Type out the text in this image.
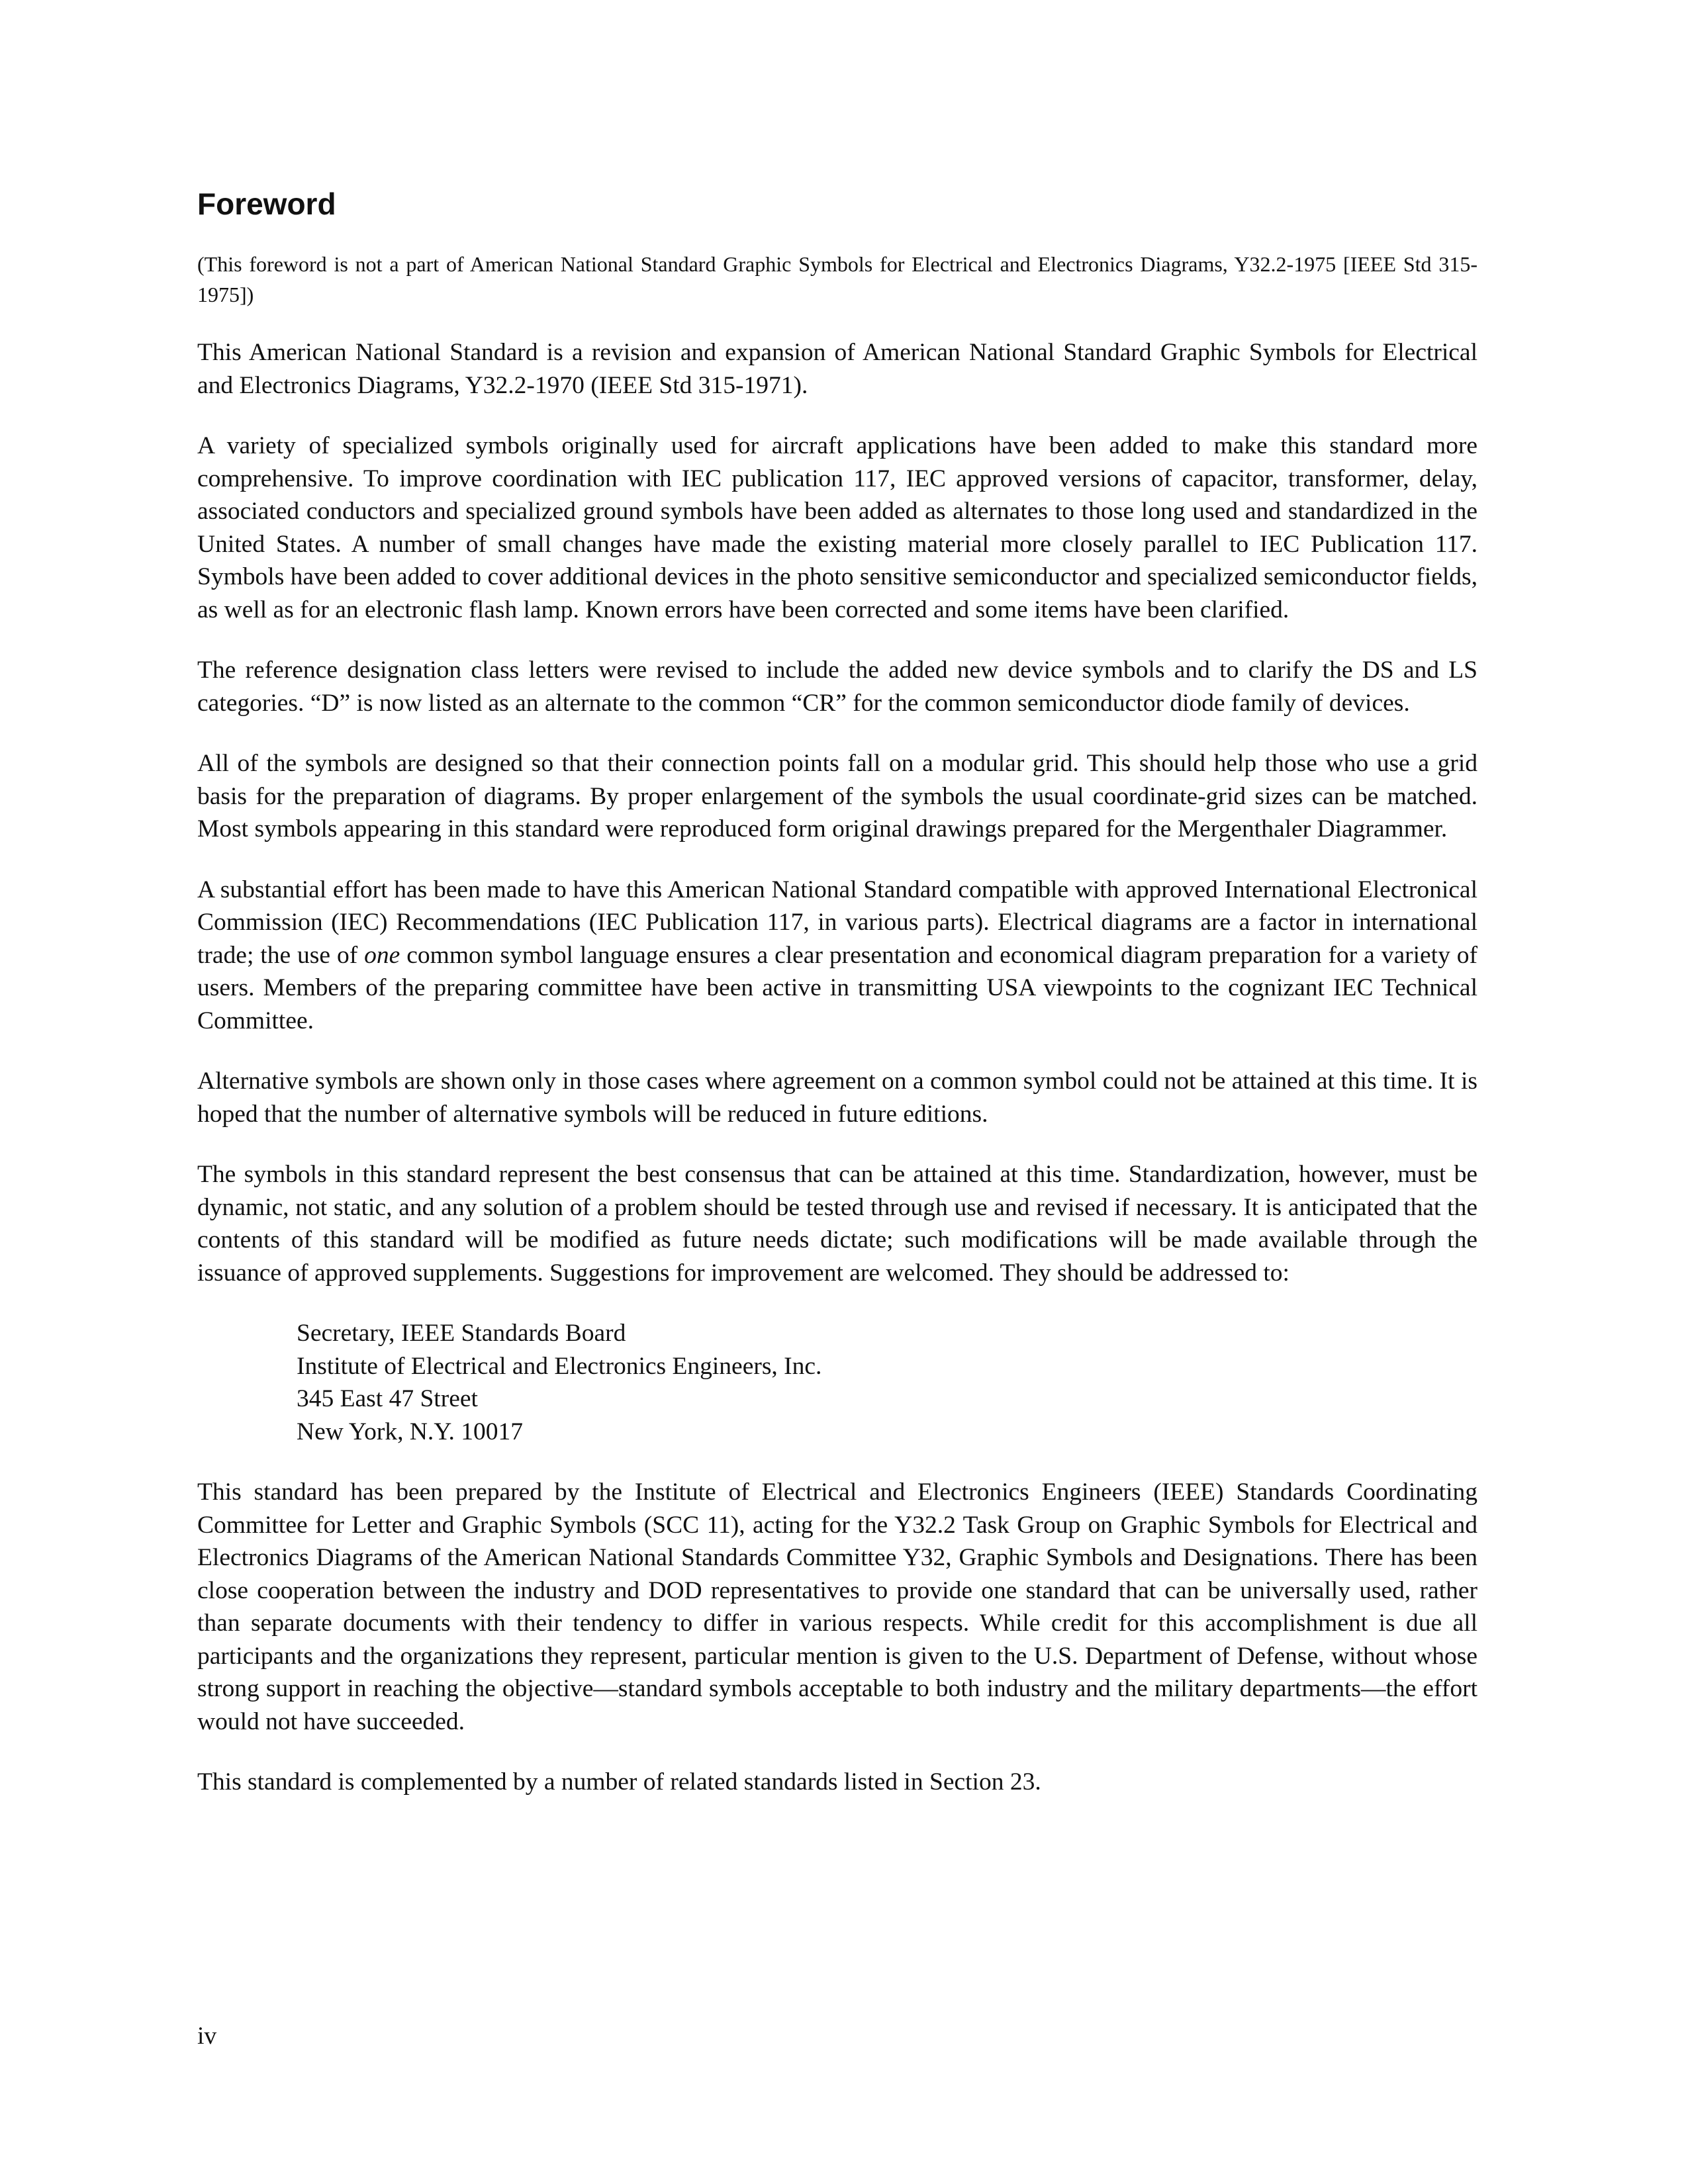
Foreword

(This foreword is not a part of American National Standard Graphic Symbols for Electrical and Electronics Diagrams, Y32.2-1975 [IEEE Std 315-1975])

This American National Standard is a revision and expansion of American National Standard Graphic Symbols for Electrical and Electronics Diagrams, Y32.2-1970 (IEEE Std 315-1971).

A variety of specialized symbols originally used for aircraft applications have been added to make this standard more comprehensive. To improve coordination with IEC publication 117, IEC approved versions of capacitor, transformer, delay, associated conductors and specialized ground symbols have been added as alternates to those long used and standardized in the United States. A number of small changes have made the existing material more closely parallel to IEC Publication 117. Symbols have been added to cover additional devices in the photo sensitive semiconductor and specialized semiconductor fields, as well as for an electronic flash lamp. Known errors have been corrected and some items have been clarified.

The reference designation class letters were revised to include the added new device symbols and to clarify the DS and LS categories. “D” is now listed as an alternate to the common “CR” for the common semiconductor diode family of devices.

All of the symbols are designed so that their connection points fall on a modular grid. This should help those who use a grid basis for the preparation of diagrams. By proper enlargement of the symbols the usual coordinate-grid sizes can be matched. Most symbols appearing in this standard were reproduced form original drawings prepared for the Mergenthaler Diagrammer.

A substantial effort has been made to have this American National Standard compatible with approved International Electronical Commission (IEC) Recommendations (IEC Publication 117, in various parts). Electrical diagrams are a factor in international trade; the use of one common symbol language ensures a clear presentation and economical diagram preparation for a variety of users. Members of the preparing committee have been active in transmitting USA viewpoints to the cognizant IEC Technical Committee.

Alternative symbols are shown only in those cases where agreement on a common symbol could not be attained at this time. It is hoped that the number of alternative symbols will be reduced in future editions.

The symbols in this standard represent the best consensus that can be attained at this time. Standardization, however, must be dynamic, not static, and any solution of a problem should be tested through use and revised if necessary. It is anticipated that the contents of this standard will be modified as future needs dictate; such modifications will be made available through the issuance of approved supplements. Suggestions for improvement are welcomed. They should be addressed to:

Secretary, IEEE Standards Board
Institute of Electrical and Electronics Engineers, Inc.
345 East 47 Street
New York, N.Y. 10017

This standard has been prepared by the Institute of Electrical and Electronics Engineers (IEEE) Standards Coordinating Committee for Letter and Graphic Symbols (SCC 11), acting for the Y32.2 Task Group on Graphic Symbols for Electrical and Electronics Diagrams of the American National Standards Committee Y32, Graphic Symbols and Designations. There has been close cooperation between the industry and DOD representatives to provide one standard that can be universally used, rather than separate documents with their tendency to differ in various respects. While credit for this accomplishment is due all participants and the organizations they represent, particular mention is given to the U.S. Department of Defense, without whose strong support in reaching the objective—standard symbols acceptable to both industry and the military departments—the effort would not have succeeded.

This standard is complemented by a number of related standards listed in Section 23.

iv
